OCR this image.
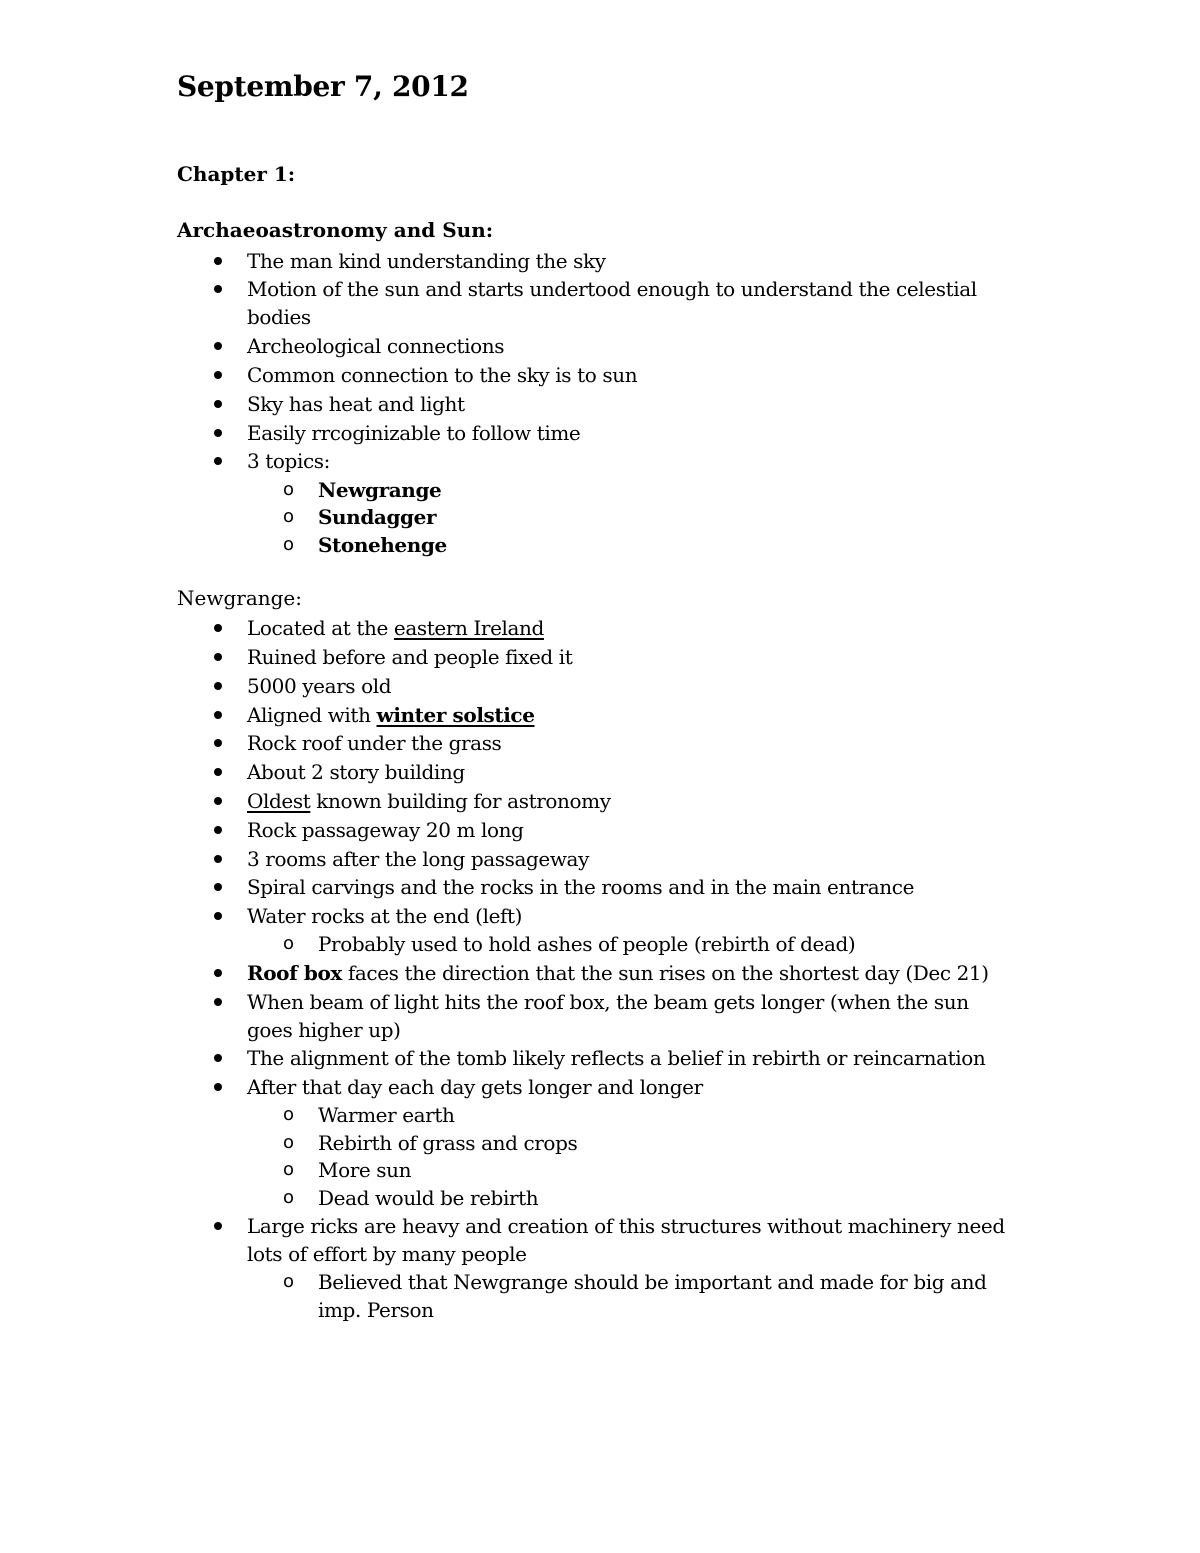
September 7, 2012
Chapter 1:
Archaeoastronomy and Sun:
The man kind understanding the sky
Motion of the sun and starts undertood enough to understand the celestial
bodies
Archeological connections
Common connection to the sky is to sun
Sky has heat and light
Easily rrcoginizable to follow time
3 topics:
o Newgrange
o Sundagger
o Stonehenge
Newgrange:
Located at the eastern Ireland
Ruined before and people fixed it
5000 years old
Aligned with winter solstice
Rock roof under the grass
About 2 story building
Oldest known building for astronomy
Rock passageway 20 m long
3 rooms after the long passageway
Spiral carvings and the rocks in the rooms and in the main entrance
Water rocks at the end (left)
o Probably used to hold ashes of people (rebirth of dead)
Roof box faces the direction that the sun rises on the shortest day (Dec 21)
When beam of light hits the roof box, the beam gets longer (when the sun
goes higher up)
The alignment of the tomb likely reflects a belief in rebirth or reincarnation
After that day each day gets longer and longer
o Warmer earth
o Rebirth of grass and crops
o More sun
o Dead would be rebirth
Large ricks are heavy and creation of this structures without machinery need
lots of effort by many people
o Believed that Newgrange should be important and made for big and
imp. Person
